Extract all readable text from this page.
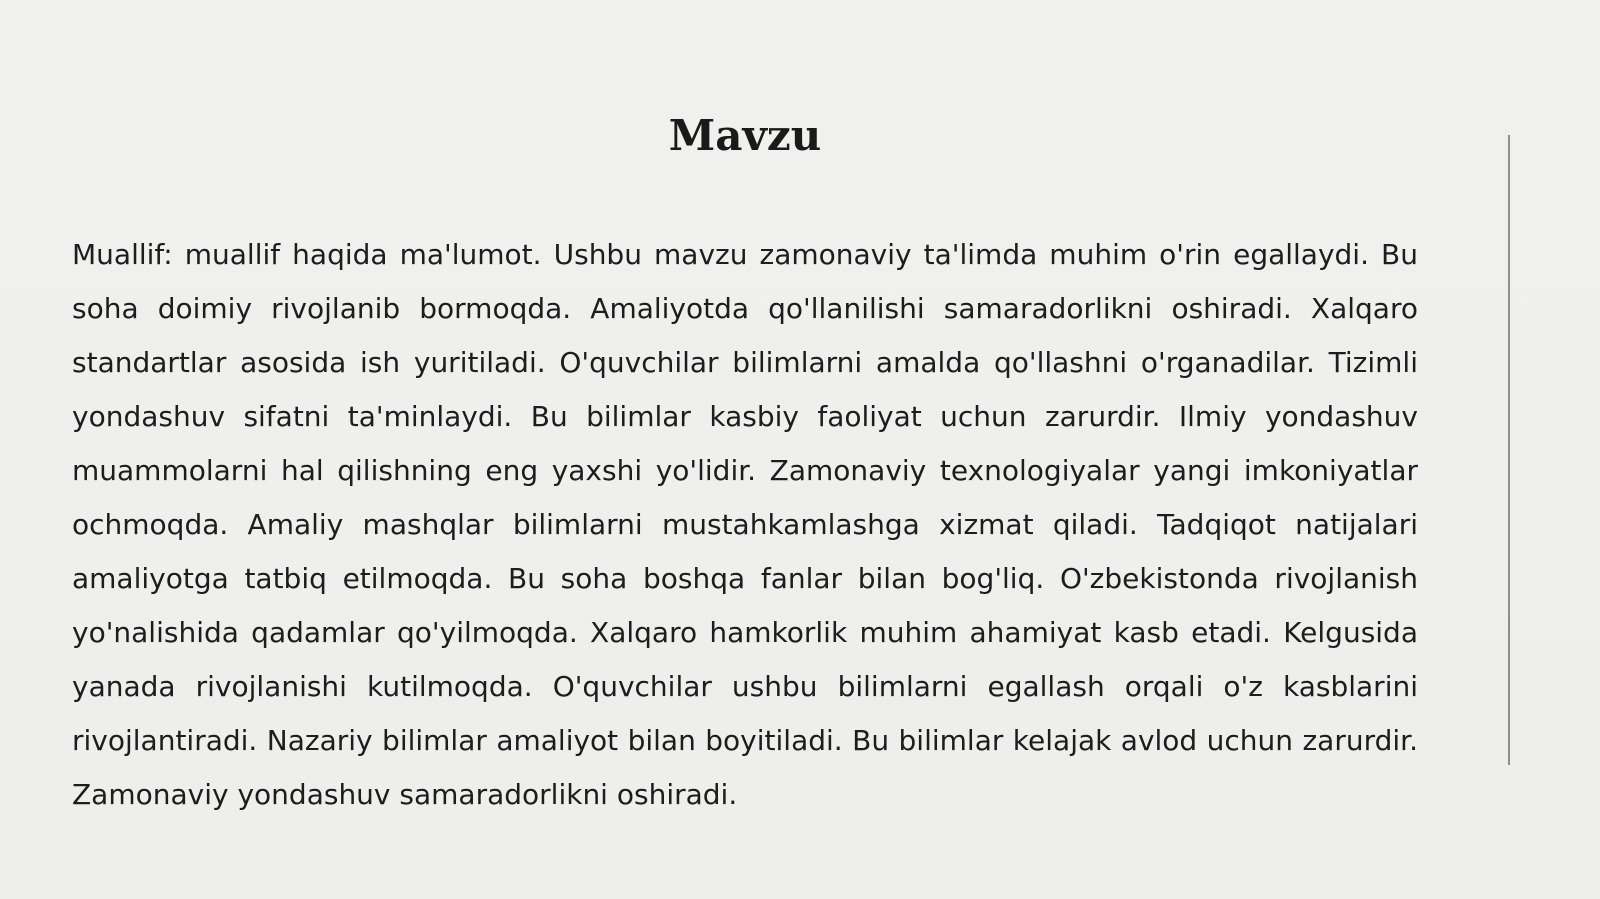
Mavzu

Muallif: muallif haqida ma'lumot. Ushbu mavzu zamonaviy ta'limda muhim o'rin egallaydi. Bu soha doimiy rivojlanib bormoqda. Amaliyotda qo'llanilishi samaradorlikni oshiradi. Xalqaro standartlar asosida ish yuritiladi. O'quvchilar bilimlarni amalda qo'llashni o'rganadilar. Tizimli yondashuv sifatni ta'minlaydi. Bu bilimlar kasbiy faoliyat uchun zarurdir. Ilmiy yondashuv muammolarni hal qilishning eng yaxshi yo'lidir. Zamonaviy texnologiyalar yangi imkoniyatlar ochmoqda. Amaliy mashqlar bilimlarni mustahkamlashga xizmat qiladi. Tadqiqot natijalari amaliyotga tatbiq etilmoqda. Bu soha boshqa fanlar bilan bog'liq. O'zbekistonda rivojlanish yo'nalishida qadamlar qo'yilmoqda. Xalqaro hamkorlik muhim ahamiyat kasb etadi. Kelgusida yanada rivojlanishi kutilmoqda. O'quvchilar ushbu bilimlarni egallash orqali o'z kasblarini rivojlantiradi. Nazariy bilimlar amaliyot bilan boyitiladi. Bu bilimlar kelajak avlod uchun zarurdir. Zamonaviy yondashuv samaradorlikni oshiradi.
